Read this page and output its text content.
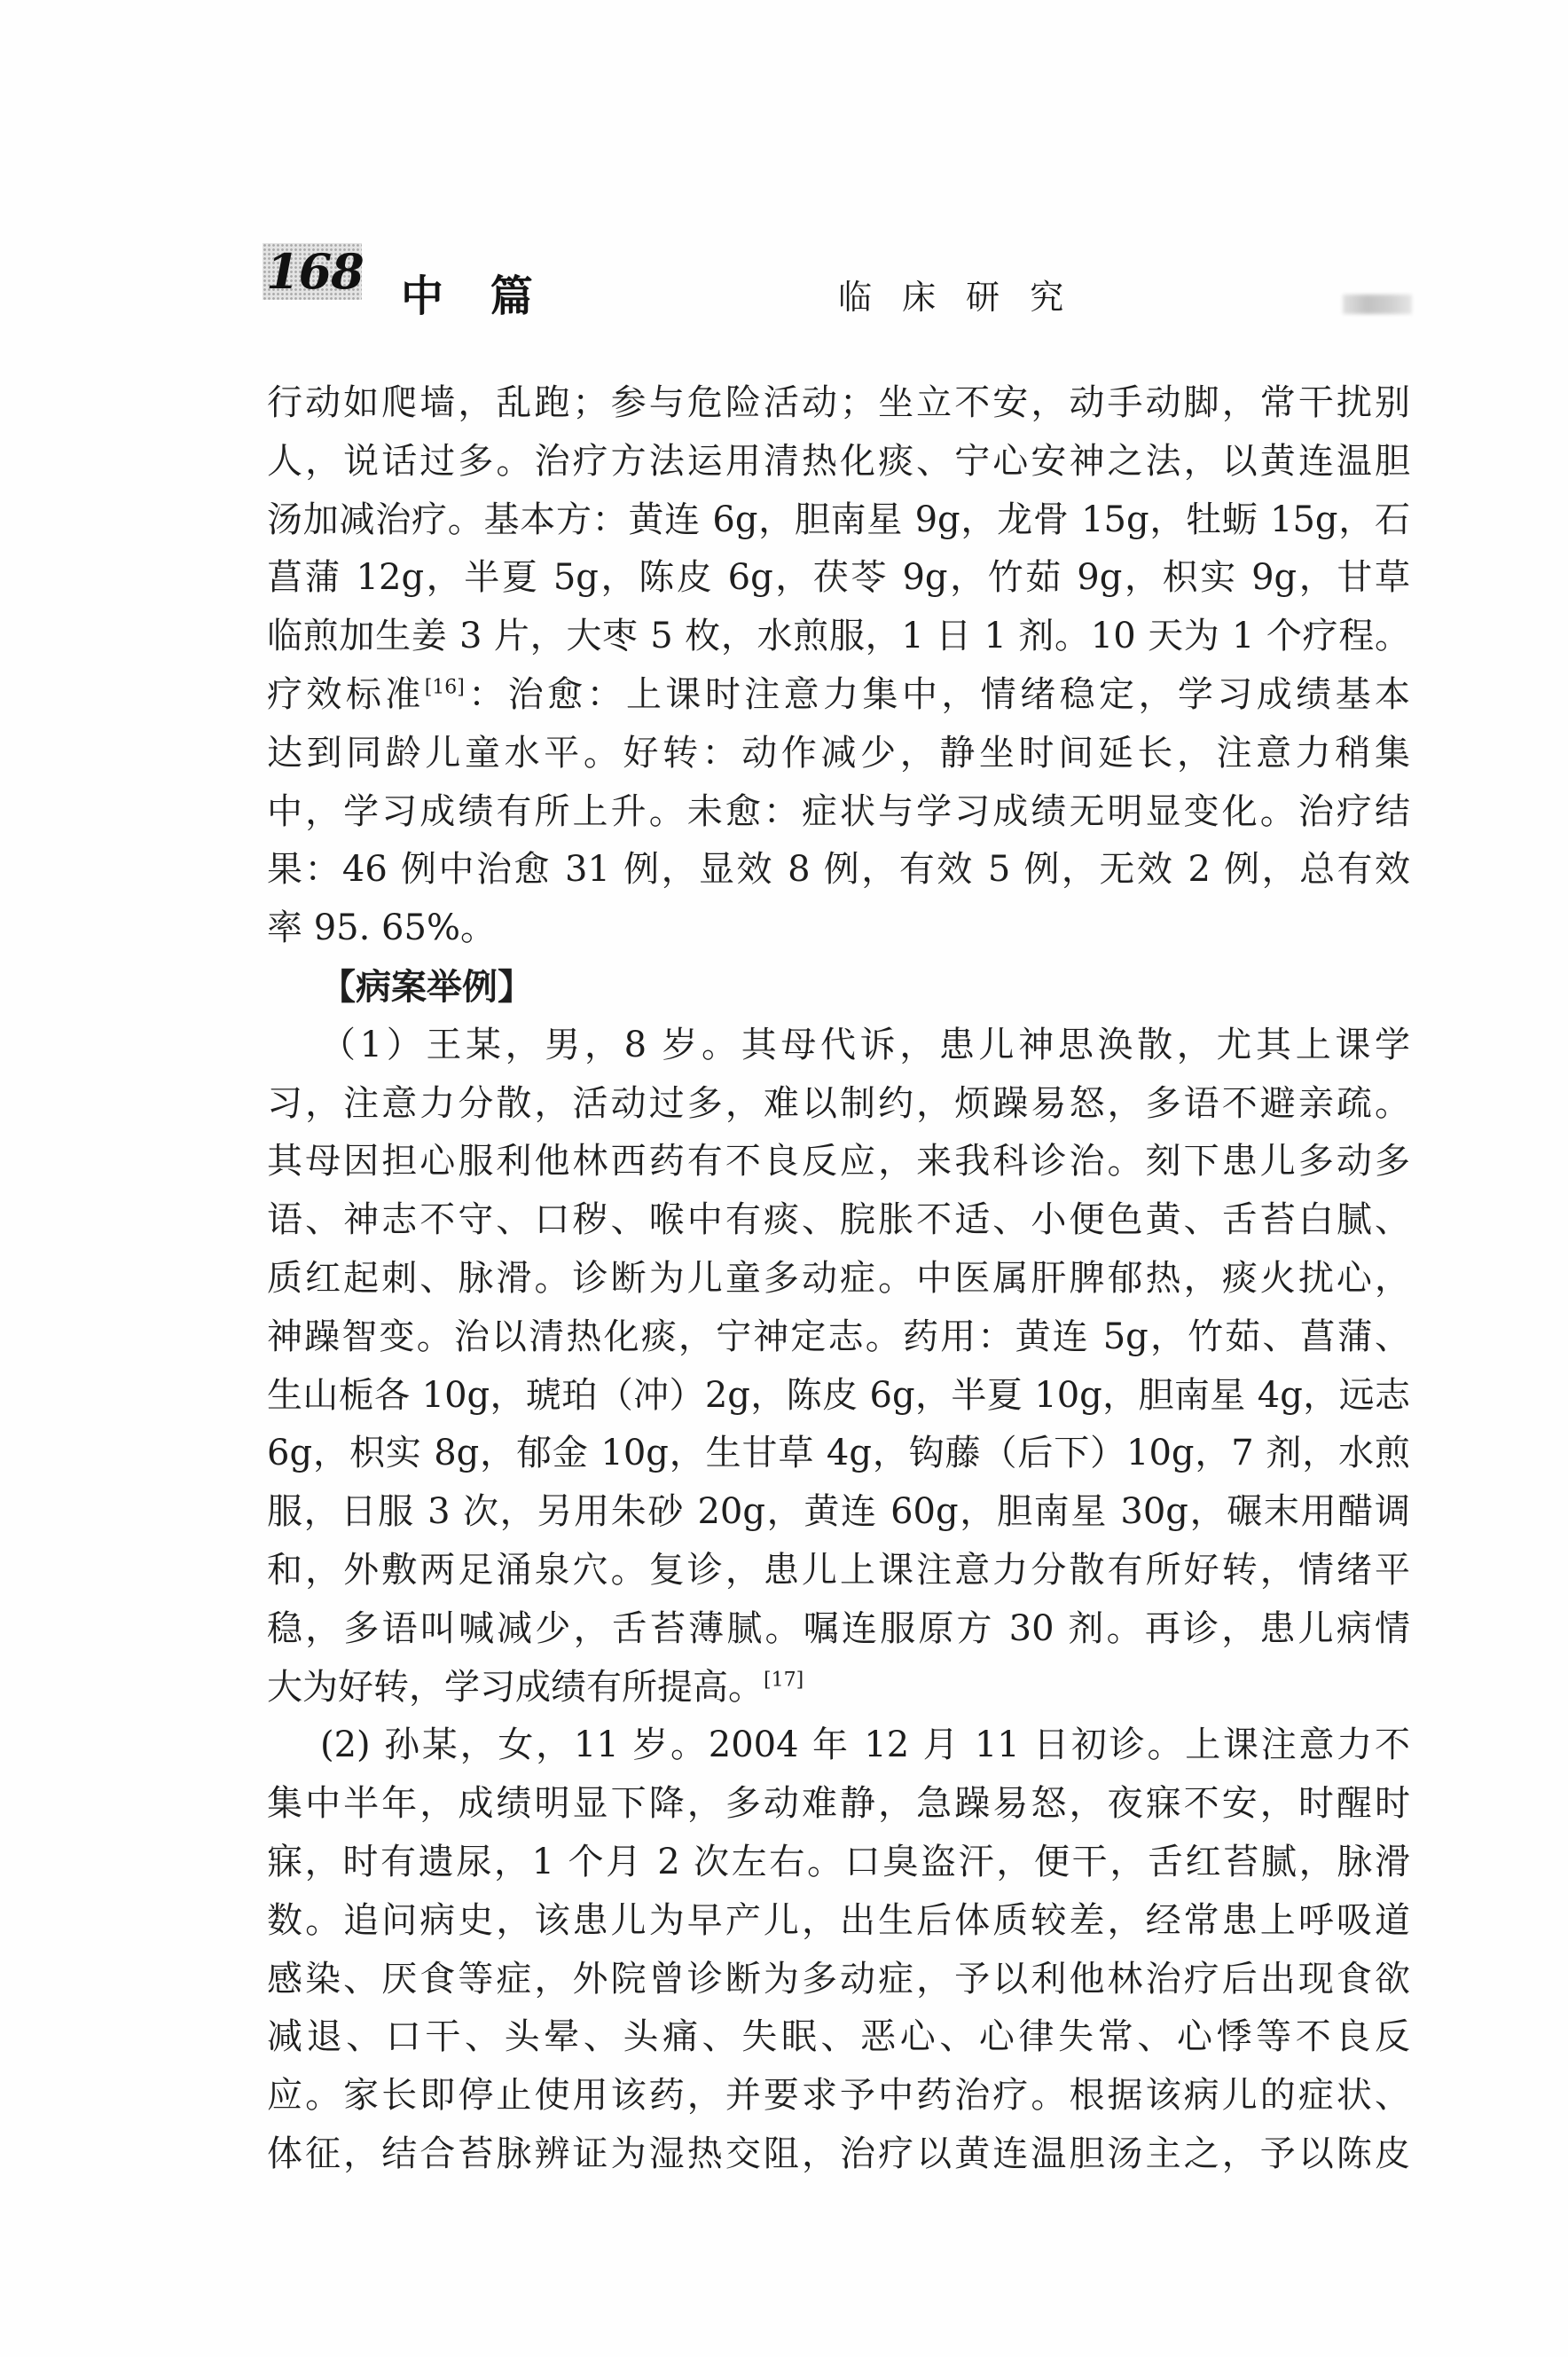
168 中 篇	临 床 研 究
行动如爬墙，乱跑；参与危险活动；坐立不安，动手动脚，常干扰别
人，说话过多。治疗方法运用清热化痰、宁心安神之法，以黄连温胆
汤加减治疗。基本方：黄连 6g，胆南星 9g，龙骨 15g，牡蛎 15g，石
菖蒲 12g，半夏 5g，陈皮 6g，茯苓 9g，竹茹 9g，枳实 9g，甘草
临煎加生姜 3 片，大枣 5 枚，水煎服，1 日 1 剂。10 天为 1 个疗程。
疗效标准[16]：治愈：上课时注意力集中，情绪稳定，学习成绩基本
达到同龄儿童水平。好转：动作减少，静坐时间延长，注意力稍集
中，学习成绩有所上升。未愈：症状与学习成绩无明显变化。治疗结
果：46 例中治愈 31 例，显效 8 例，有效 5 例，无效 2 例，总有效
率 95. 65%。
【病案举例】
（1）王某，男，8 岁。其母代诉，患儿神思涣散，尤其上课学
习，注意力分散，活动过多，难以制约，烦躁易怒，多语不避亲疏。
其母因担心服利他林西药有不良反应，来我科诊治。刻下患儿多动多
语、神志不守、口秽、喉中有痰、脘胀不适、小便色黄、舌苔白腻、
质红起刺、脉滑。诊断为儿童多动症。中医属肝脾郁热，痰火扰心，
神躁智变。治以清热化痰，宁神定志。药用：黄连 5g，竹茹、菖蒲、
生山栀各 10g，琥珀（冲）2g，陈皮 6g，半夏 10g，胆南星 4g，远志
6g，枳实 8g，郁金 10g，生甘草 4g，钩藤（后下）10g，7 剂，水煎
服，日服 3 次，另用朱砂 20g，黄连 60g，胆南星 30g，碾末用醋调
和，外敷两足涌泉穴。复诊，患儿上课注意力分散有所好转，情绪平
稳，多语叫喊减少，舌苔薄腻。嘱连服原方 30 剂。再诊，患儿病情
大为好转，学习成绩有所提高。[17]
(2) 孙某，女，11 岁。2004 年 12 月 11 日初诊。上课注意力不
集中半年，成绩明显下降，多动难静，急躁易怒，夜寐不安，时醒时
寐，时有遗尿，1 个月 2 次左右。口臭盗汗，便干，舌红苔腻，脉滑
数。追问病史，该患儿为早产儿，出生后体质较差，经常患上呼吸道
感染、厌食等症，外院曾诊断为多动症，予以利他林治疗后出现食欲
减退、口干、头晕、头痛、失眠、恶心、心律失常、心悸等不良反
应。家长即停止使用该药，并要求予中药治疗。根据该病儿的症状、
体征，结合苔脉辨证为湿热交阻，治疗以黄连温胆汤主之，予以陈皮
